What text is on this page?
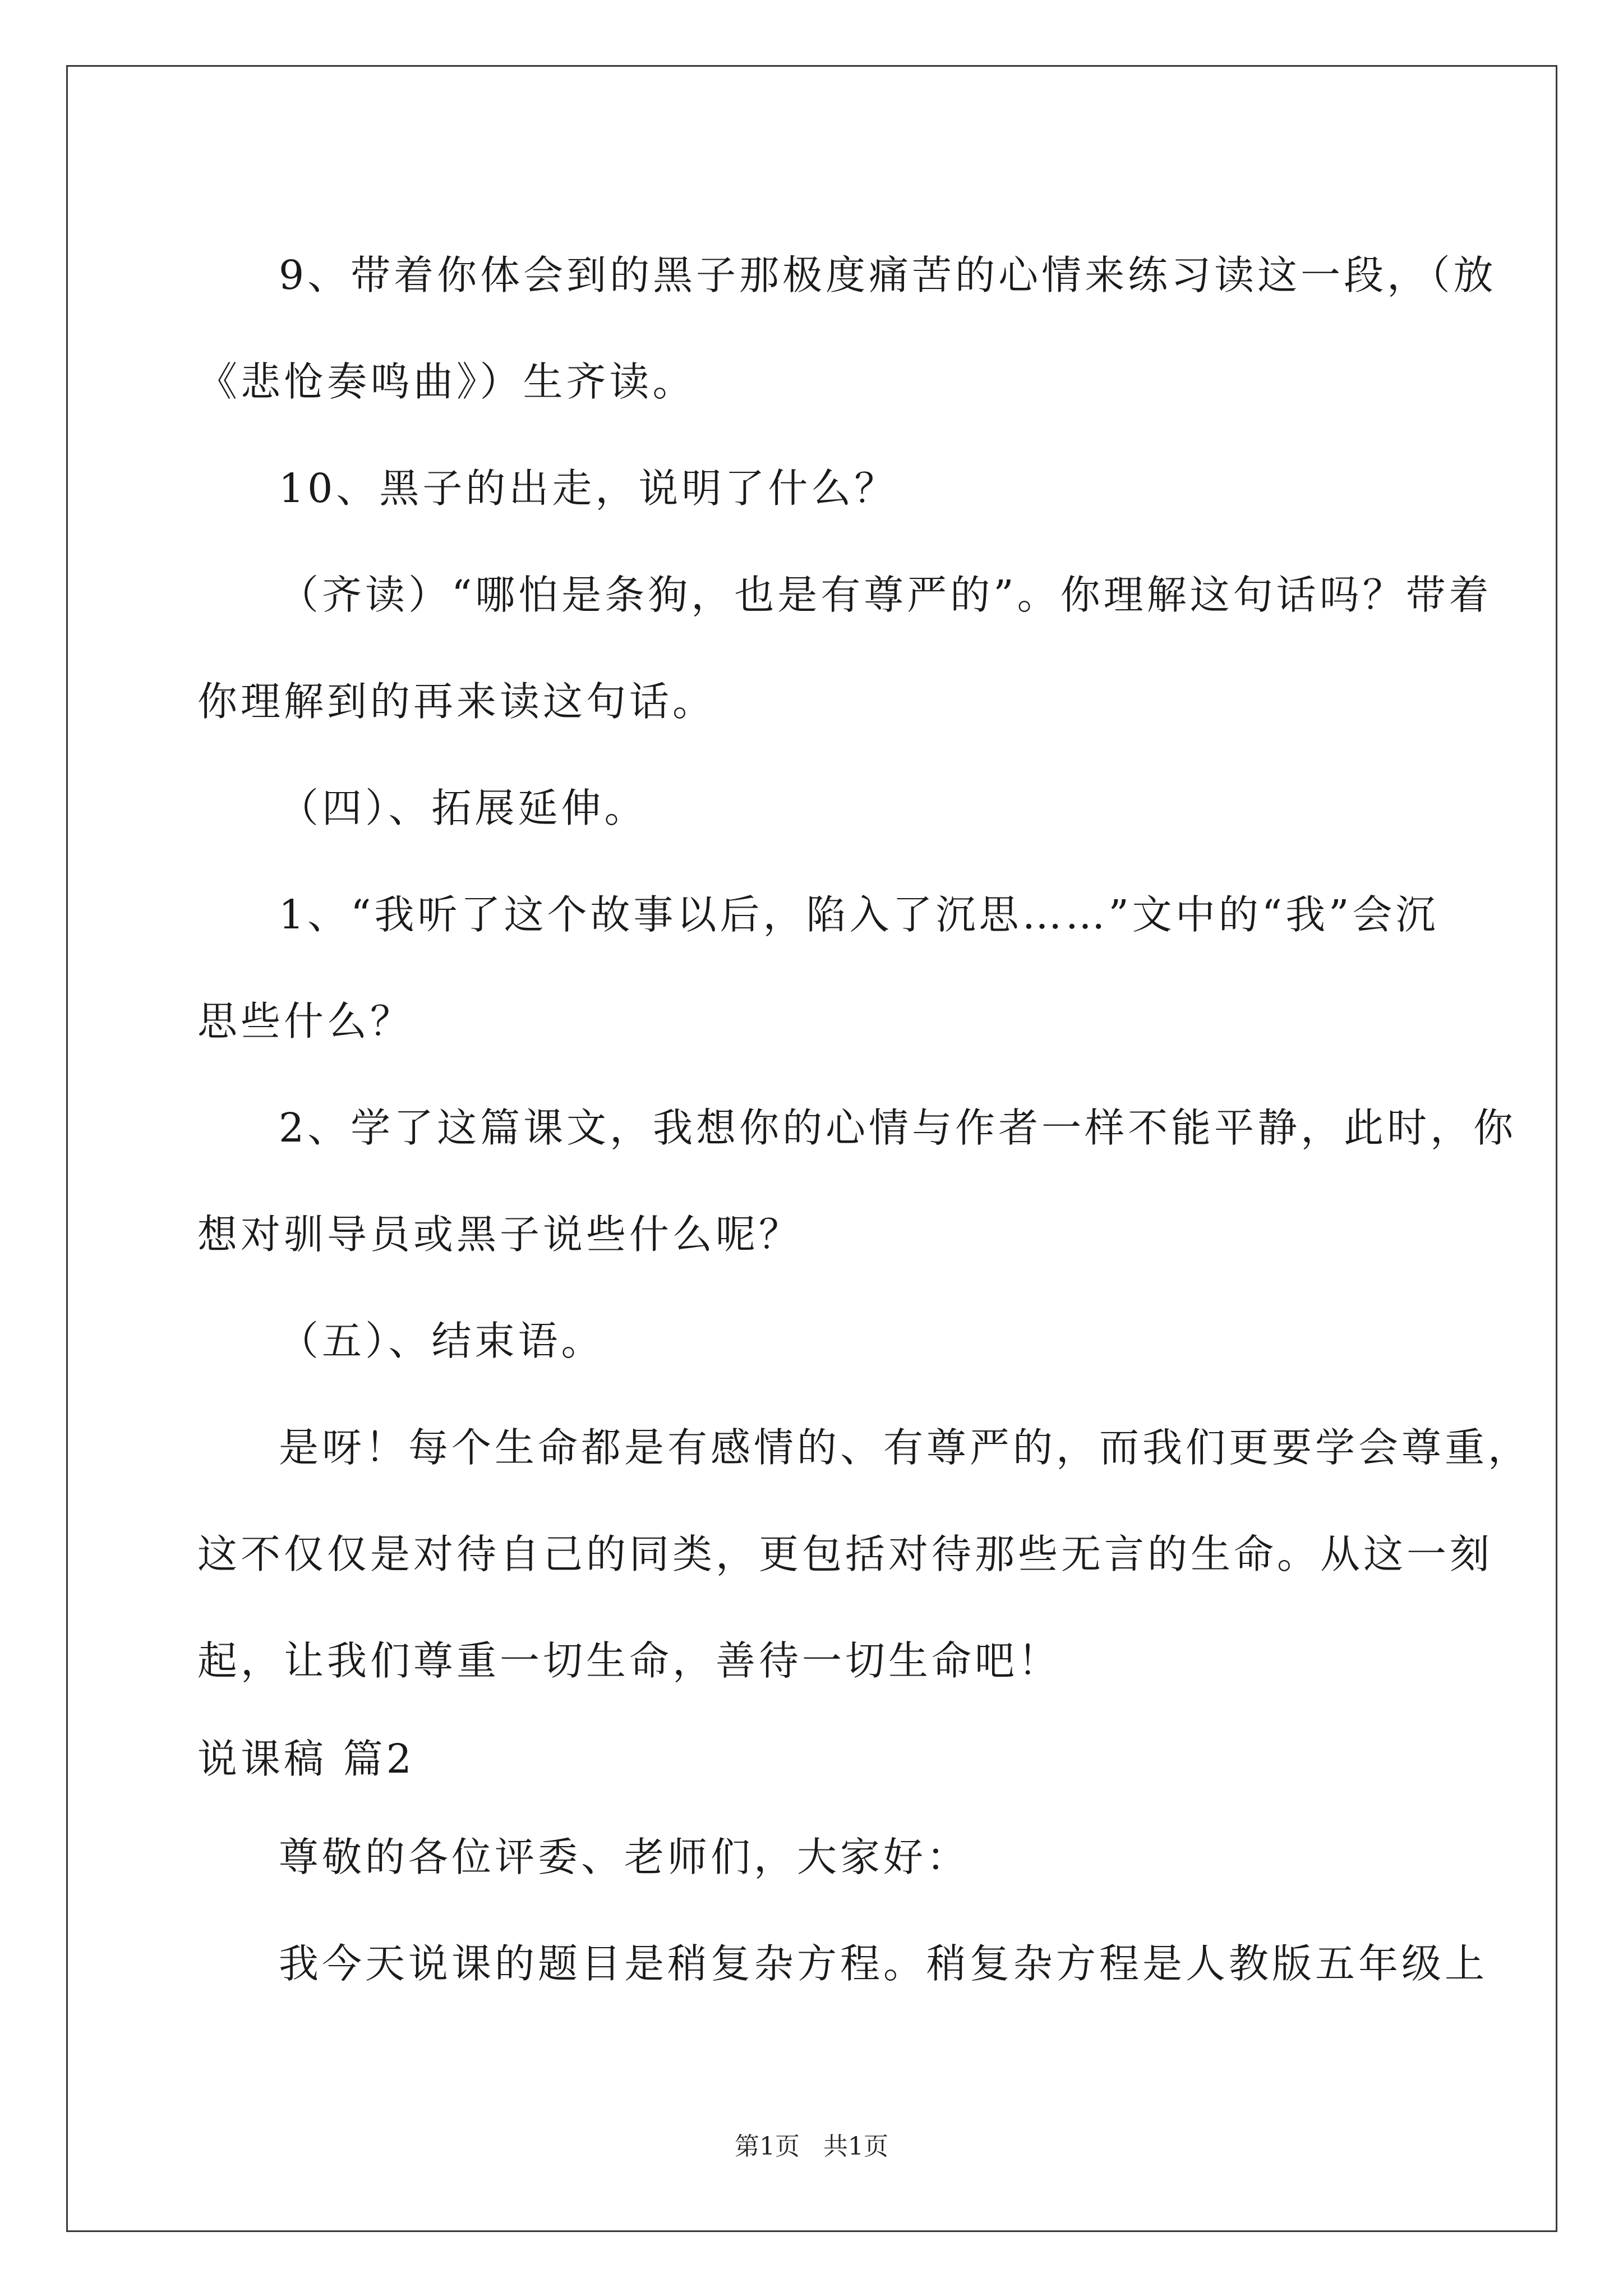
9、带着你体会到的黑子那极度痛苦的心情来练习读这一段，（放

《悲怆奏鸣曲》）生齐读。

10、黑子的出走，说明了什么？

（齐读）“哪怕是条狗，也是有尊严的”。你理解这句话吗？带着

你理解到的再来读这句话。

（四）、拓展延伸。

1、“我听了这个故事以后，陷入了沉思……”文中的“我”会沉

思些什么？

2、学了这篇课文，我想你的心情与作者一样不能平静，此时，你

想对驯导员或黑子说些什么呢？

（五）、结束语。

是呀！每个生命都是有感情的、有尊严的，而我们更要学会尊重，

这不仅仅是对待自己的同类，更包括对待那些无言的生命。从这一刻

起，让我们尊重一切生命，善待一切生命吧！

说课稿 篇2

尊敬的各位评委、老师们，大家好：

我今天说课的题目是稍复杂方程。稍复杂方程是人教版五年级上

第1页 共1页
